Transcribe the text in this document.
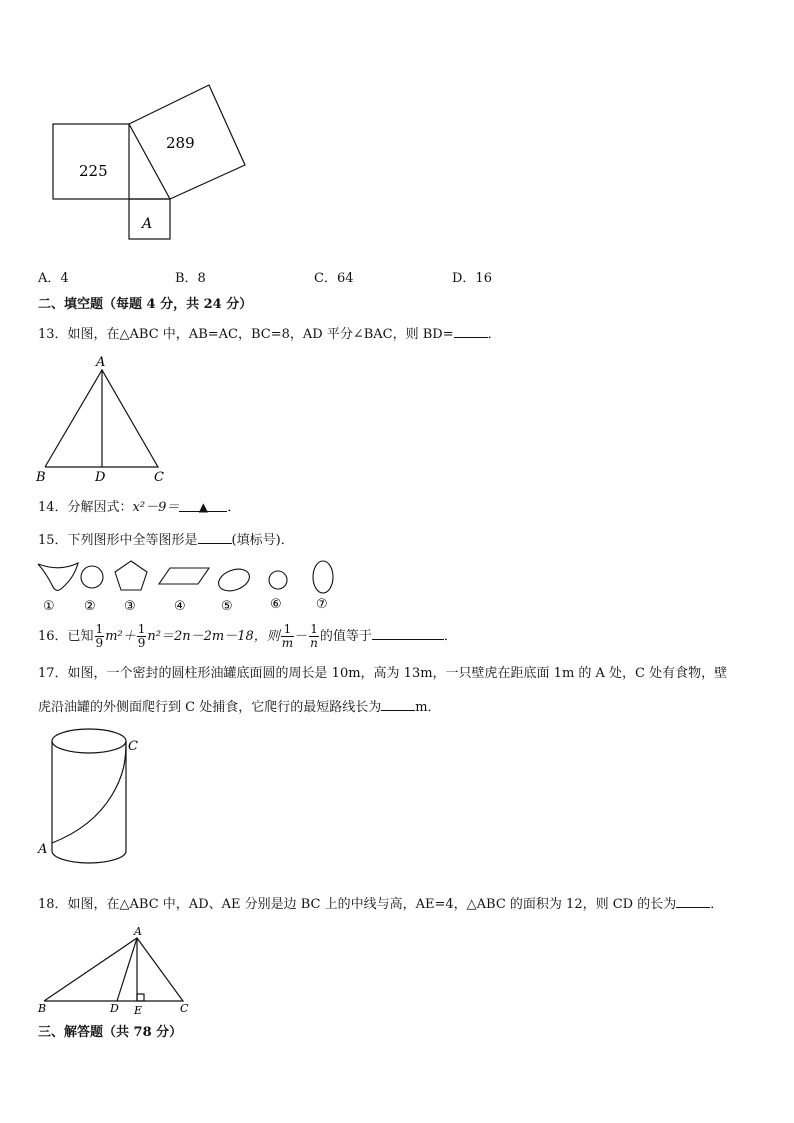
225
289
A
A．4	B．8	C．64	D．16
二、填空题（每题 4 分，共 24 分）
13．如图，在△ABC 中，AB=AC，BC=8，AD 平分∠BAC，则 BD=	．
A
B	D	C
14．分解因式：x²－9＝ ▲ ．
15．下列图形中全等图形是	(填标号)．
① ② ③	④	⑤	⑥	⑦
16．已知 $\frac{1}{9} m^2+ \frac{1}{9} n^2=2n-2m-18$，则 $\frac{1}{m} - \frac{1}{n}$ 的值等于	．
17．如图，一个密封的圆柱形油罐底面圆的周长是 10m，高为 13m，一只壁虎在距底面 1m 的 A 处，C 处有食物，壁
虎沿油罐的外侧面爬行到 C 处捕食，它爬行的最短路线长为	m．
C
A
18．如图，在△ABC 中，AD、AE 分别是边 BC 上的中线与高，AE=4，△ABC 的面积为 12，则 CD 的长为	．
A
B	D E	C
三、解答题（共 78 分）
